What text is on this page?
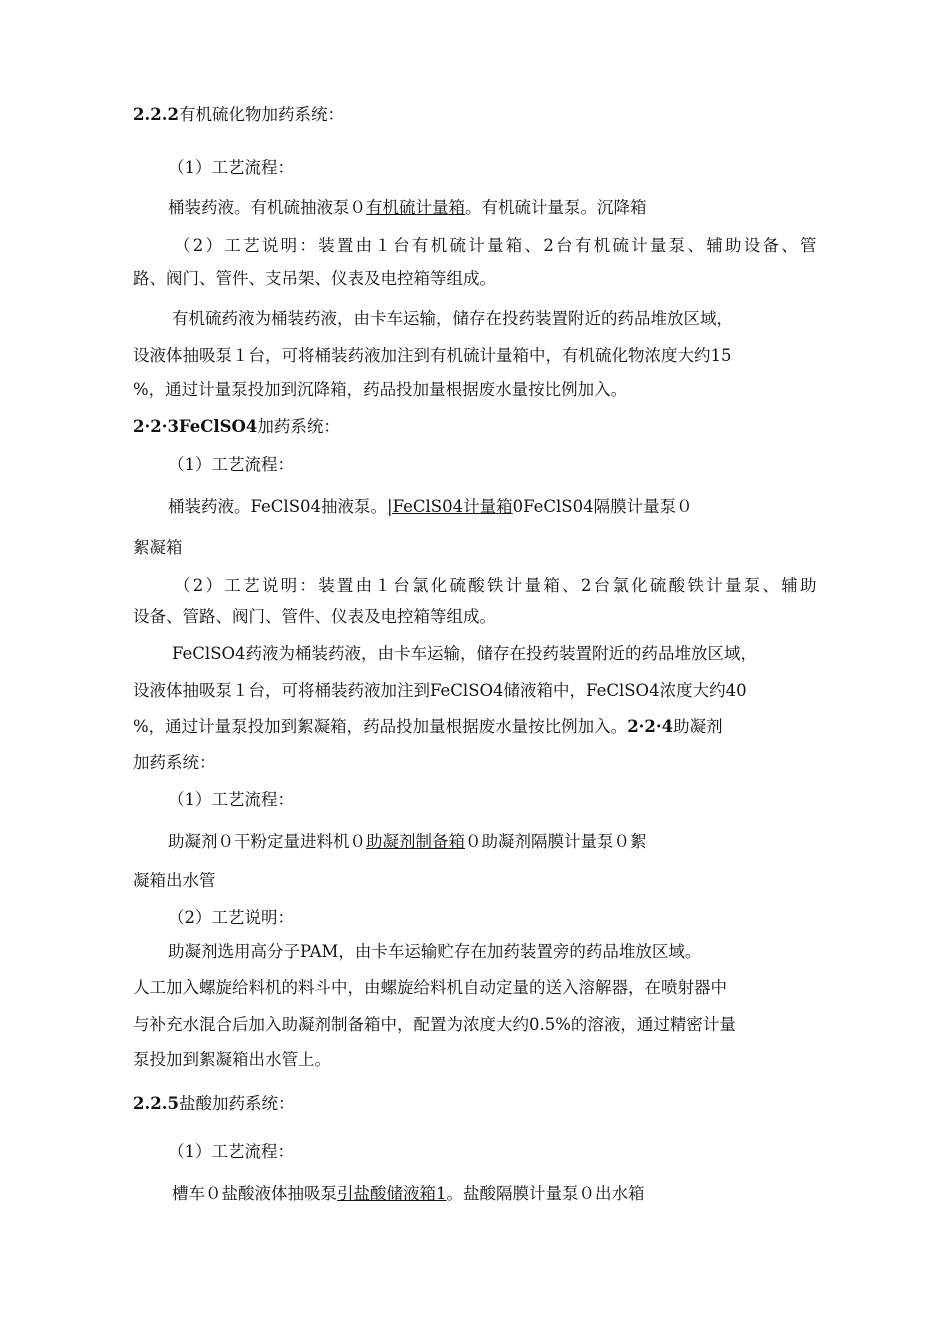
2.2.2有机硫化物加药系统：
（1）工艺流程：
桶装药液。有机硫抽液泵０有机硫计量箱。有机硫计量泵。沉降箱
（ 2 ） 工 艺 说 明 ： 装 置 由 １ 台 有 机 硫 计 量 箱 、 2 台 有 机 硫 计 量 泵 、 辅 助 设 备 、 管
路、阀门、管件、支吊架、仪表及电控箱等组成。
有机硫药液为桶装药液，由卡车运输，储存在投药装置附近的药品堆放区域，
设液体抽吸泵１台，可将桶装药液加注到有机硫计量箱中，有机硫化物浓度大约15
%，通过计量泵投加到沉降箱，药品投加量根据废水量按比例加入。
2·2·3FeClSO4加药系统：
（1）工艺流程：
桶装药液。FeClS04抽液泵。|FeClS04计量箱0FeClS04隔膜计量泵０
絮凝箱
（ 2 ） 工 艺 说 明 ： 装 置 由 １ 台 氯 化 硫 酸 铁 计 量 箱 、 2 台 氯 化 硫 酸 铁 计 量 泵 、 辅 助
设备、管路、阀门、管件、仪表及电控箱等组成。
FeClSO4药液为桶装药液，由卡车运输，储存在投药装置附近的药品堆放区域，
设液体抽吸泵１台，可将桶装药液加注到FeClSO4储液箱中，FeClSO4浓度大约40
%，通过计量泵投加到絮凝箱，药品投加量根据废水量按比例加入。2·2·4助凝剂
加药系统：
（1）工艺流程：
助凝剂０干粉定量进料机０助凝剂制备箱０助凝剂隔膜计量泵０絮
凝箱出水管
（2）工艺说明：
助凝剂选用高分子PAM，由卡车运输贮存在加药装置旁的药品堆放区域。
人工加入螺旋给料机的料斗中，由螺旋给料机自动定量的送入溶解器，在喷射器中
与补充水混合后加入助凝剂制备箱中，配置为浓度大约0.5%的溶液，通过精密计量
泵投加到絮凝箱出水管上。
2.2.5盐酸加药系统：
（1）工艺流程：
槽车０盐酸液体抽吸泵引盐酸储液箱1。盐酸隔膜计量泵０出水箱
